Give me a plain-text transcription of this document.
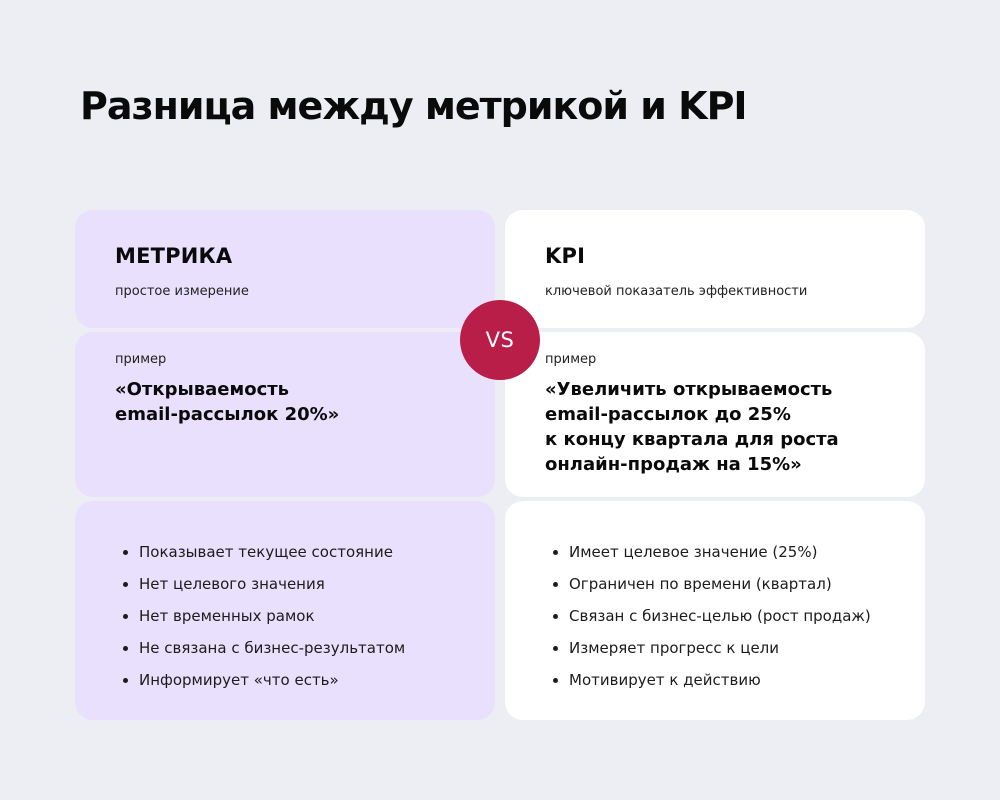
Разница между метрикой и KPI
МЕТРИКА
простое измерение
пример
«Открываемость
email-рассылок 20%»
Показывает текущее состояние
Нет целевого значения
Нет временных рамок
Не связана с бизнес-результатом
Информирует «что есть»
KPI
ключевой показатель эффективности
пример
«Увеличить открываемость
email-рассылок до 25%
к концу квартала для роста
онлайн-продаж на 15%»
Имеет целевое значение (25%)
Ограничен по времени (квартал)
Связан с бизнес-целью (рост продаж)
Измеряет прогресс к цели
Мотивирует к действию
VS
